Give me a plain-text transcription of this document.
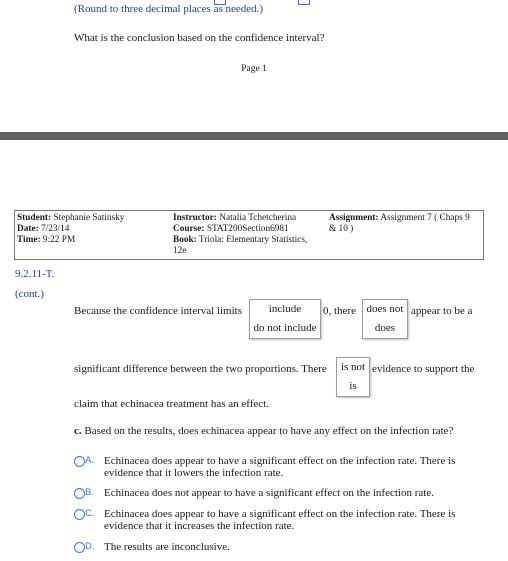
(Round to three decimal places as needed.)
What is the conclusion based on the confidence interval?
Page 1
Student: Stephanie Satinsky
Date: 7/23/14
Time: 9:22 PM
Instructor: Natalia Tchetcherina
Course: STAT200Section6981
Book: Triola: Elementary Statistics,
12e
Assignment: Assignment 7 ( Chaps 9
& 10 )
9.2.11-T.
(cont.)
Because the confidence interval limits	include
do not include
0, there does not
does
appear to be a
significant difference between the two proportions. There	is not
is
evidence to support the
claim that echinacea treatment has an effect.
c. Based on the results, does echinacea appear to have any effect on the infection rate?
A. Echinacea does appear to have a significant effect on the infection rate. There is
evidence that it lowers the infection rate.
B. Echinacea does not appear to have a significant effect on the infection rate.
C. Echinacea does appear to have a significant effect on the infection rate. There is
evidence that it increases the infection rate.
D. The results are inconclusive.
